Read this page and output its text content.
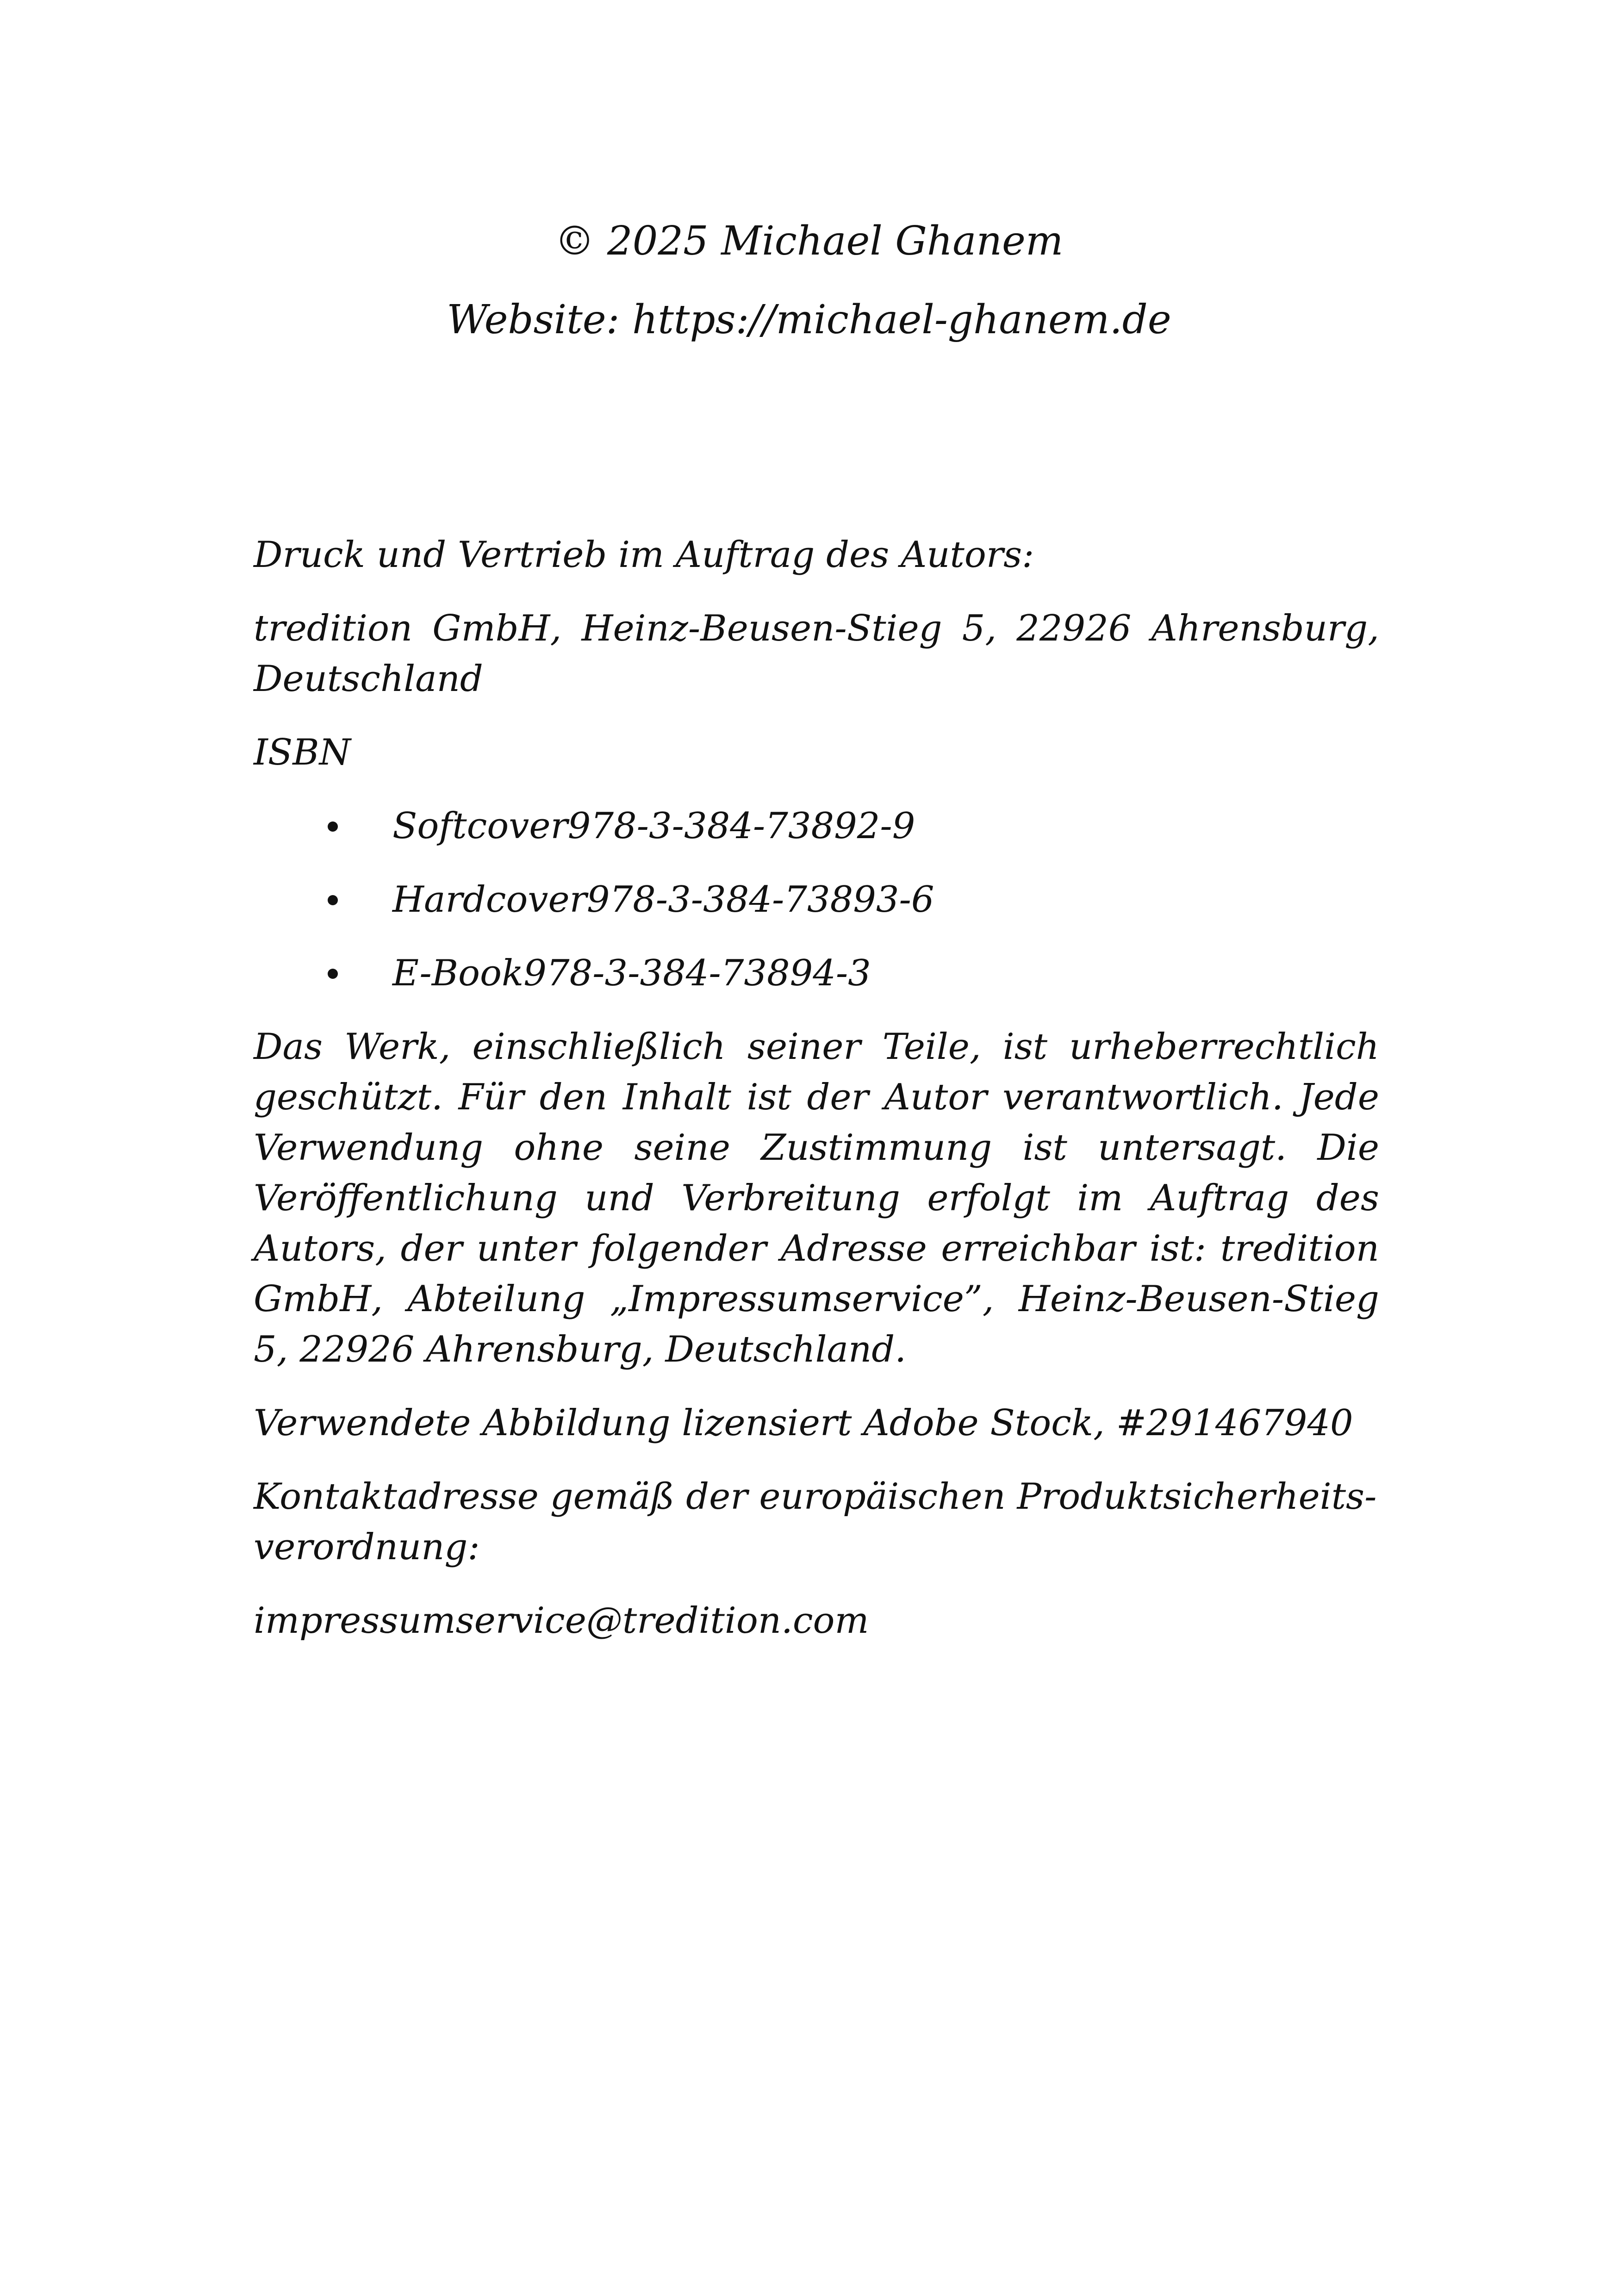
© 2025 Michael Ghanem
Website: https://michael-ghanem.de

Druck und Vertrieb im Auftrag des Autors:

tredition GmbH, Heinz-Beusen-Stieg 5, 22926 Ahrensburg, Deutschland

ISBN

Softcover978-3-384-73892-9
Hardcover978-3-384-73893-6
E-Book978-3-384-73894-3

Das Werk, einschließlich seiner Teile, ist urheberrechtlich geschützt. Für den Inhalt ist der Autor verantwortlich. Jede Verwendung ohne seine Zustimmung ist untersagt. Die Veröffentlichung und Verbreitung erfolgt im Auftrag des Autors, der unter folgender Adresse erreichbar ist: tredition GmbH, Abteilung „Impressumservice”, Heinz-Beusen-Stieg 5, 22926 Ahrensburg, Deutschland.

Verwendete Abbildung lizensiert Adobe Stock, #291467940

Kontaktadresse gemäß der europäischen Produktsicherheitsverordnung:

impressumservice@tredition.com
